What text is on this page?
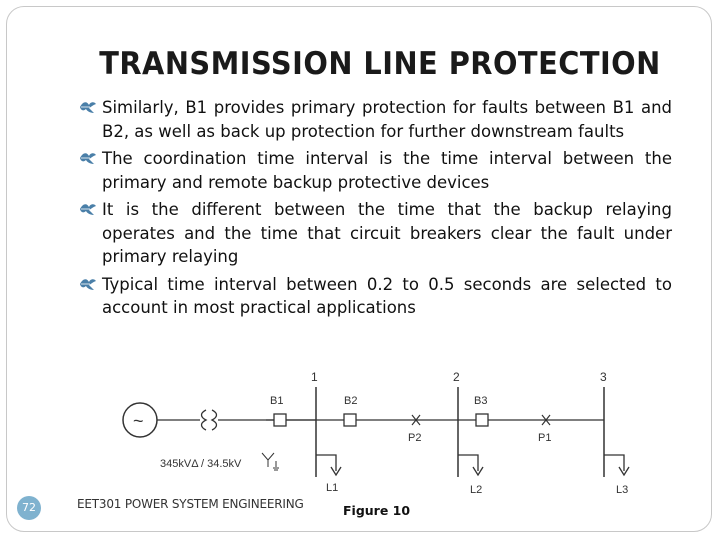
TRANSMISSION LINE PROTECTION
Similarly, B1 provides primary protection for faults between B1 and B2, as well as back up protection for further downstream faults
The coordination time interval is the time interval between the primary and remote backup protective devices
It is the different between the time that the backup relaying operates and the time that circuit breakers clear the fault under primary relaying
Typical time interval between 0.2 to 0.5 seconds are selected to account in most practical applications
~
345kVΔ / 34.5kV
1	2	3
B1	B2	B3
P2	P1
L1	L2	L3
72	EET301 POWER SYSTEM ENGINEERING	Figure 10
